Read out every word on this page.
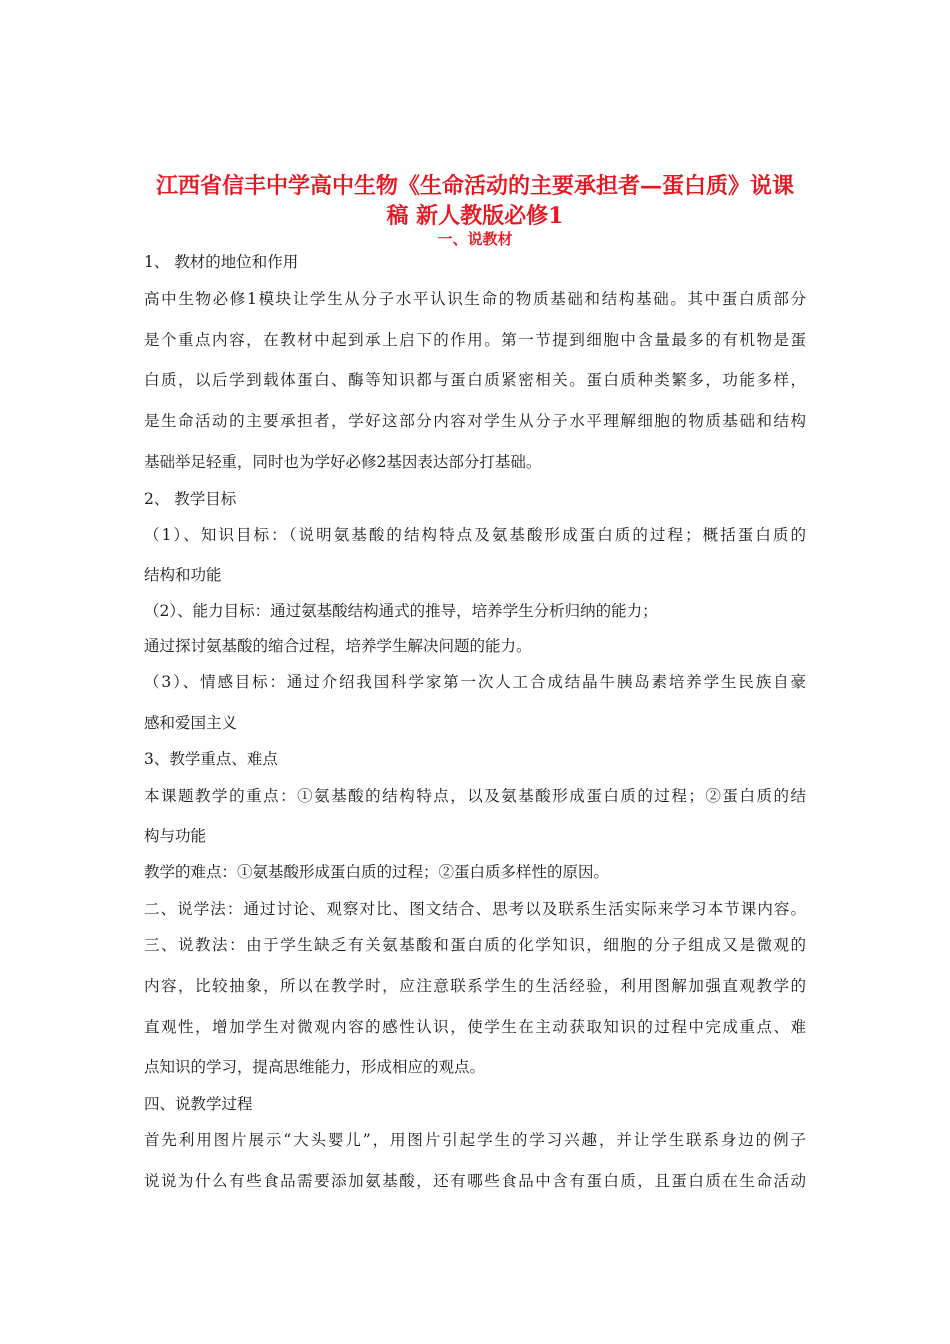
江西省信丰中学高中生物《生命活动的主要承担者—蛋白质》说课
稿 新人教版必修1
一、说教材
1、 教材的地位和作用
高中生物必修1模块让学生从分子水平认识生命的物质基础和结构基础。其中蛋白质部分
是个重点内容，在教材中起到承上启下的作用。第一节提到细胞中含量最多的有机物是蛋
白质，以后学到载体蛋白、酶等知识都与蛋白质紧密相关。蛋白质种类繁多，功能多样，
是生命活动的主要承担者，学好这部分内容对学生从分子水平理解细胞的物质基础和结构
基础举足轻重，同时也为学好必修2基因表达部分打基础。
2、 教学目标
（1）、知识目标：（说明氨基酸的结构特点及氨基酸形成蛋白质的过程；概括蛋白质的
结构和功能
（2）、能力目标：通过氨基酸结构通式的推导，培养学生分析归纳的能力；
通过探讨氨基酸的缩合过程，培养学生解决问题的能力。
（3）、情感目标：通过介绍我国科学家第一次人工合成结晶牛胰岛素培养学生民族自豪
感和爱国主义
3、教学重点、难点
本课题教学的重点：①氨基酸的结构特点，以及氨基酸形成蛋白质的过程；②蛋白质的结
构与功能
教学的难点：①氨基酸形成蛋白质的过程；②蛋白质多样性的原因。
二、说学法：通过讨论、观察对比、图文结合、思考以及联系生活实际来学习本节课内容。
三、说教法：由于学生缺乏有关氨基酸和蛋白质的化学知识，细胞的分子组成又是微观的
内容，比较抽象，所以在教学时，应注意联系学生的生活经验，利用图解加强直观教学的
直观性，增加学生对微观内容的感性认识，使学生在主动获取知识的过程中完成重点、难
点知识的学习，提高思维能力，形成相应的观点。
四、说教学过程
首先利用图片展示“大头婴儿”，用图片引起学生的学习兴趣，并让学生联系身边的例子
说说为什么有些食品需要添加氨基酸，还有哪些食品中含有蛋白质，且蛋白质在生命活动
